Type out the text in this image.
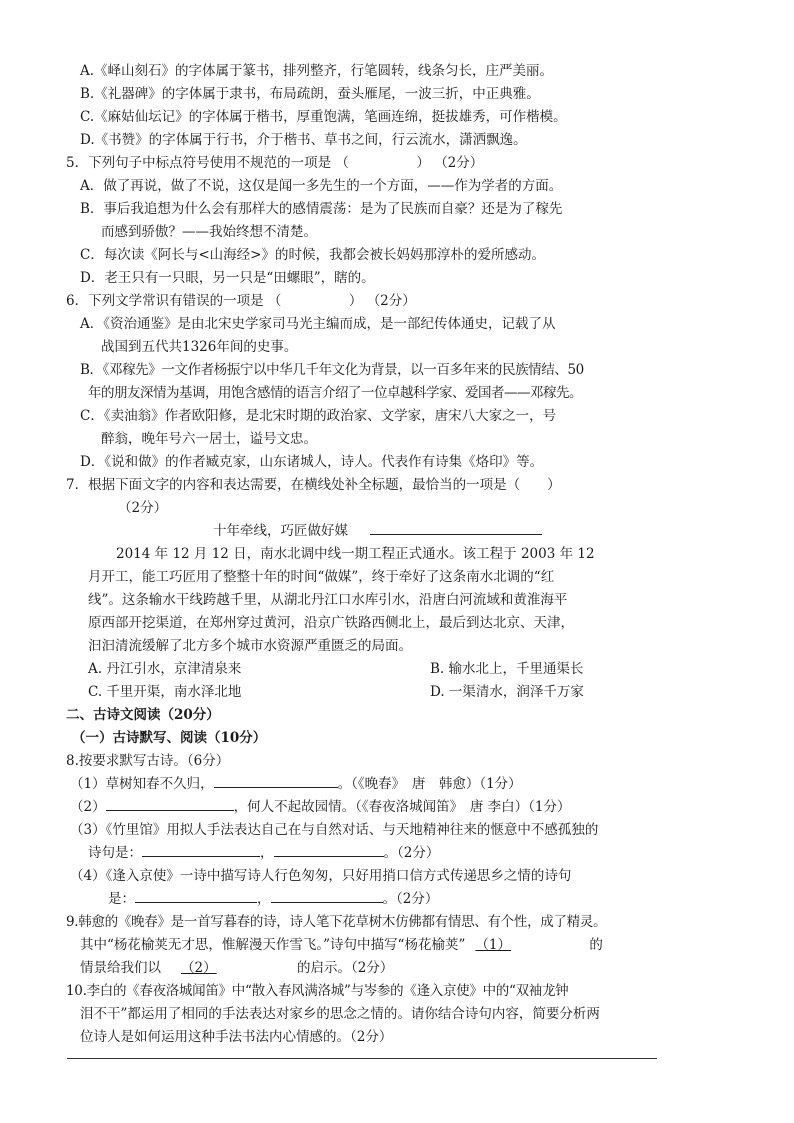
A.《峄山刻石》的字体属于篆书，排列整齐，行笔圆转，线条匀长，庄严美丽。
B.《礼器碑》的字体属于隶书，布局疏朗，蚕头雁尾，一波三折，中正典雅。
C.《麻姑仙坛记》的字体属于楷书，厚重饱满，笔画连绵，挺拔雄秀，可作楷模。
D.《书赞》的字体属于行书，介于楷书、草书之间，行云流水，潇洒飘逸。
5．下列句子中标点符号使用不规范的一项是 （　　　　　） （2分）
A．做了再说，做了不说，这仅是闻一多先生的一个方面，——作为学者的方面。
B．事后我追想为什么会有那样大的感情震荡：是为了民族而自豪？还是为了稼先
而感到骄傲？——我始终想不清楚。
C．每次读《阿长与<山海经>》的时候，我都会被长妈妈那淳朴的爱所感动。
D．老王只有一只眼，另一只是“田螺眼”，瞎的。
6．下列文学常识有错误的一项是 （　　　　　） （2分）
A．《资治通鉴》是由北宋史学家司马光主编而成，是一部纪传体通史，记载了从
战国到五代共1326年间的史事。
B．《邓稼先》一文作者杨振宁以中华几千年文化为背景，以一百多年来的民族情结、50
年的朋友深情为基调，用饱含感情的语言介绍了一位卓越科学家、爱国者——邓稼先。
C．《卖油翁》作者欧阳修，是北宋时期的政治家、文学家，唐宋八大家之一，号
醉翁，晚年号六一居士，谥号文忠。
D．《说和做》的作者臧克家，山东诸城人，诗人。代表作有诗集《烙印》等。
7．根据下面文字的内容和表达需要，在横线处补全标题，最恰当的一项是（　　）
（2分）
十年牵线，巧匠做好媒
2014 年 12 月 12 日，南水北调中线一期工程正式通水。该工程于 2003 年 12
月开工，能工巧匠用了整整十年的时间“做媒”，终于牵好了这条南水北调的“红
线”。这条输水干线跨越千里，从湖北丹江口水库引水，沿唐白河流域和黄淮海平
原西部开挖渠道，在郑州穿过黄河，沿京广铁路西侧北上，最后到达北京、天津，
汩汩清流缓解了北方多个城市水资源严重匮乏的局面。
A. 丹江引水，京津清泉来	B. 输水北上，千里通渠长
C. 千里开渠，南水泽北地	D. 一渠清水，润泽千万家
二、古诗文阅读（20分）
（一）古诗默写、阅读（10分）
8.按要求默写古诗。（6分）
（1）草树知春不久归，	。（《晚春》　唐　韩愈）（1分）
（2）	，何人不起故园情。（《春夜洛城闻笛》　唐 李白）（1分）
（3）《竹里馆》用拟人手法表达自己在与自然对话、与天地精神往来的惬意中不感孤独的
诗句是：	，	。（2分）
（4）《逢入京使》一诗中描写诗人行色匆匆，只好用捎口信方式传递思乡之情的诗句
是：	，	。（2分）
9.韩愈的《晚春》是一首写暮春的诗，诗人笔下花草树木仿佛都有情思、有个性，成了精灵。
其中“杨花榆荚无才思，惟解漫天作雪飞。”诗句中描写“杨花榆荚” （1）	的
情景给我们以 （2）	的启示。（2分）
10.李白的《春夜洛城闻笛》中“散入春风满洛城”与岑参的《逢入京使》中的“双袖龙钟
泪不干”都运用了相同的手法表达对家乡的思念之情的。请你结合诗句内容，简要分析两
位诗人是如何运用这种手法书法内心情感的。（2分）
